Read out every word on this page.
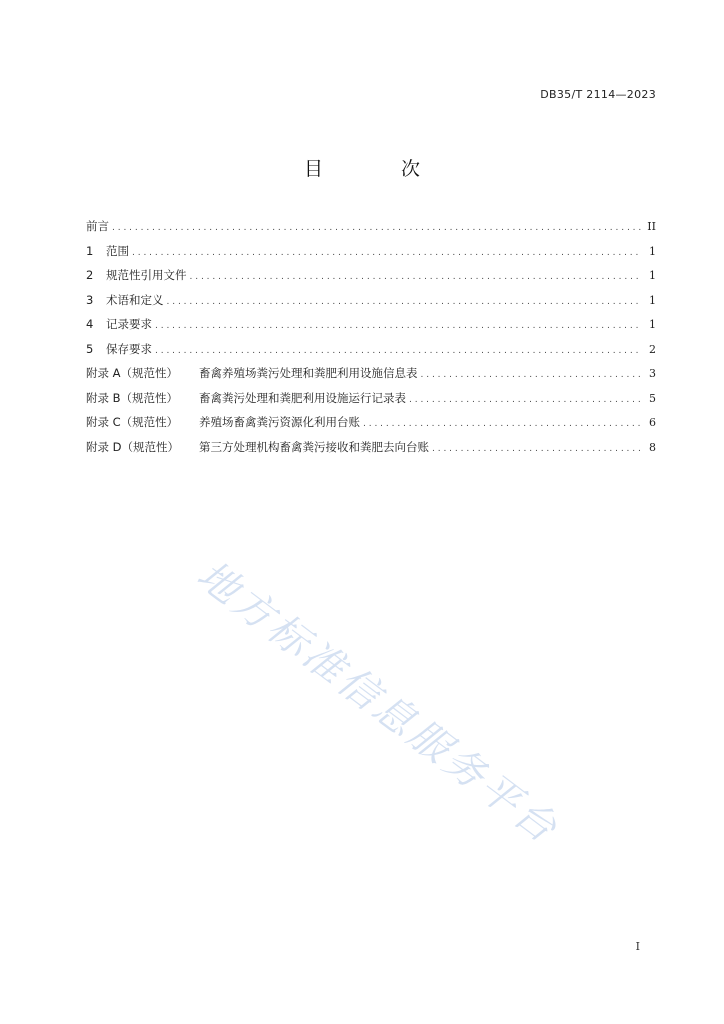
DB35/T 2114—2023
目 次
前言 . . .	II
1 范围 . . .	1
2 规范性引用文件 . . .	1
3 术语和定义 . . .	1
4 记录要求 . . .	1
5 保存要求 . . .	2
附录 A（规范性） 畜禽养殖场粪污处理和粪肥利用设施信息表 . . .	3
附录 B（规范性） 畜禽粪污处理和粪肥利用设施运行记录表 . . .	5
附录 C（规范性） 养殖场畜禽粪污资源化利用台账 . . .	6
附录 D（规范性） 第三方处理机构畜禽粪污接收和粪肥去向台账 . . .	8
地方标准信息服务平台
I
